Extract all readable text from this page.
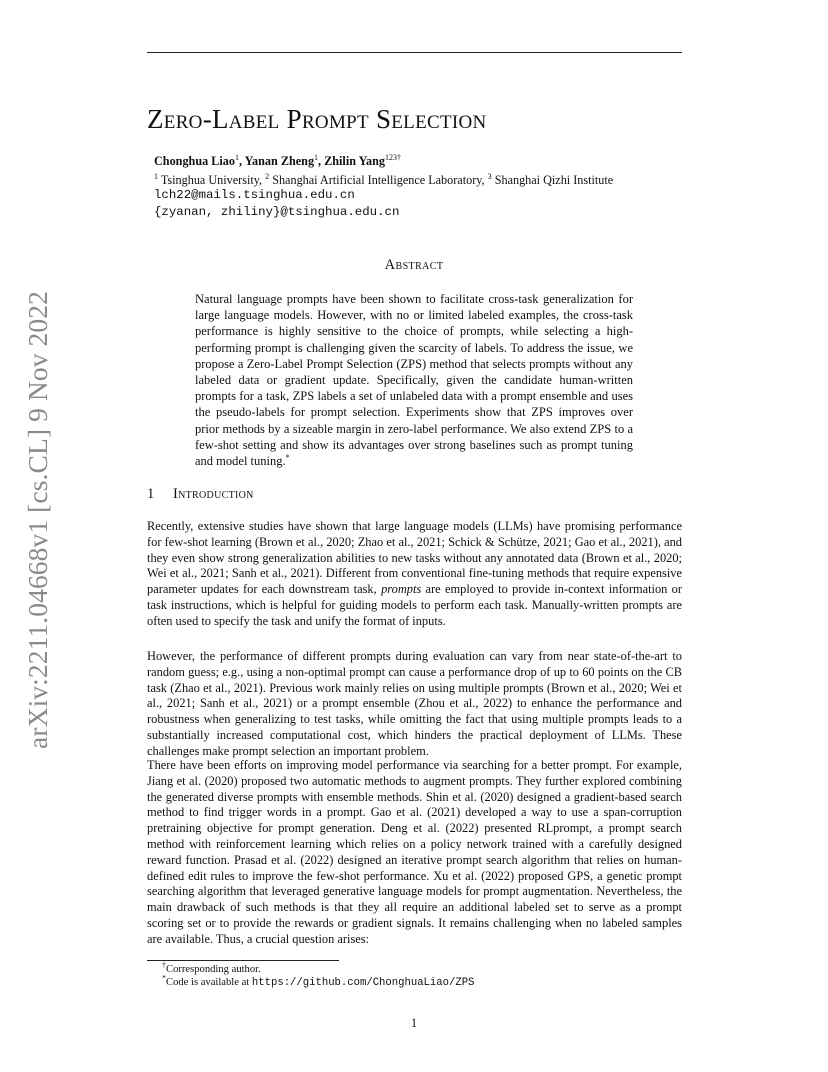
arXiv:2211.04668v1 [cs.CL] 9 Nov 2022
Zero-Label Prompt Selection
Chonghua Liao$^1$, Yanan Zheng$^1$, Zhilin Yang$^{123\dagger}$
$^1$ Tsinghua University, $^2$ Shanghai Artificial Intelligence Laboratory, $^3$ Shanghai Qizhi Institute
lch22@mails.tsinghua.edu.cn
{zyanan, zhiliny}@tsinghua.edu.cn
Abstract

Natural language prompts have been shown to facilitate cross-task generalization for large language models. However, with no or limited labeled examples, the cross-task performance is highly sensitive to the choice of prompts, while selecting a high-performing prompt is challenging given the scarcity of labels. To address the issue, we propose a Zero-Label Prompt Selection (ZPS) method that selects prompts without any labeled data or gradient update. Specifically, given the candidate human-written prompts for a task, ZPS labels a set of unlabeled data with a prompt ensemble and uses the pseudo-labels for prompt selection. Experiments show that ZPS improves over prior methods by a sizeable margin in zero-label performance. We also extend ZPS to a few-shot setting and show its advantages over strong baselines such as prompt tuning and model tuning.*

1 Introduction

Recently, extensive studies have shown that large language models (LLMs) have promising performance for few-shot learning (Brown et al., 2020; Zhao et al., 2021; Schick & Schütze, 2021; Gao et al., 2021), and they even show strong generalization abilities to new tasks without any annotated data (Brown et al., 2020; Wei et al., 2021; Sanh et al., 2021). Different from conventional fine-tuning methods that require expensive parameter updates for each downstream task, prompts are employed to provide in-context information or task instructions, which is helpful for guiding models to perform each task. Manually-written prompts are often used to specify the task and unify the format of inputs.

However, the performance of different prompts during evaluation can vary from near state-of-the-art to random guess; e.g., using a non-optimal prompt can cause a performance drop of up to 60 points on the CB task (Zhao et al., 2021). Previous work mainly relies on using multiple prompts (Brown et al., 2020; Wei et al., 2021; Sanh et al., 2021) or a prompt ensemble (Zhou et al., 2022) to enhance the performance and robustness when generalizing to test tasks, while omitting the fact that using multiple prompts leads to a substantially increased computational cost, which hinders the practical deployment of LLMs. These challenges make prompt selection an important problem.

There have been efforts on improving model performance via searching for a better prompt. For example, Jiang et al. (2020) proposed two automatic methods to augment prompts. They further explored combining the generated diverse prompts with ensemble methods. Shin et al. (2020) designed a gradient-based search method to find trigger words in a prompt. Gao et al. (2021) developed a way to use a span-corruption pretraining objective for prompt generation. Deng et al. (2022) presented RLprompt, a prompt search method with reinforcement learning which relies on a policy network trained with a carefully designed reward function. Prasad et al. (2022) designed an iterative prompt search algorithm that relies on human-defined edit rules to improve the few-shot performance. Xu et al. (2022) proposed GPS, a genetic prompt searching algorithm that leveraged generative language models for prompt augmentation. Nevertheless, the main drawback of such methods is that they all require an additional labeled set to serve as a prompt scoring set or to provide the rewards or gradient signals. It remains challenging when no labeled samples are available. Thus, a crucial question arises:

†Corresponding author.
*Code is available at https://github.com/ChonghuaLiao/ZPS
1
